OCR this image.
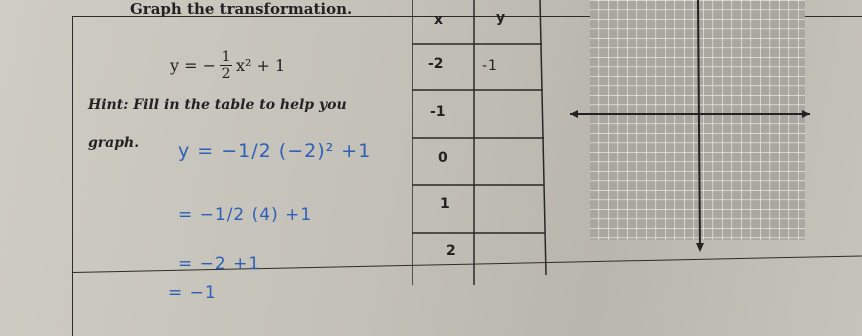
Graph the transformation.
y = − $\frac{1}{2} x^2 + 1$
Hint: Fill in the table to help you graph.	y = −1/2 (−2)² +1
= −1/2 (4) +1
= −2 +1
= −1
x	y
-2	-1
-1
0
1
2
